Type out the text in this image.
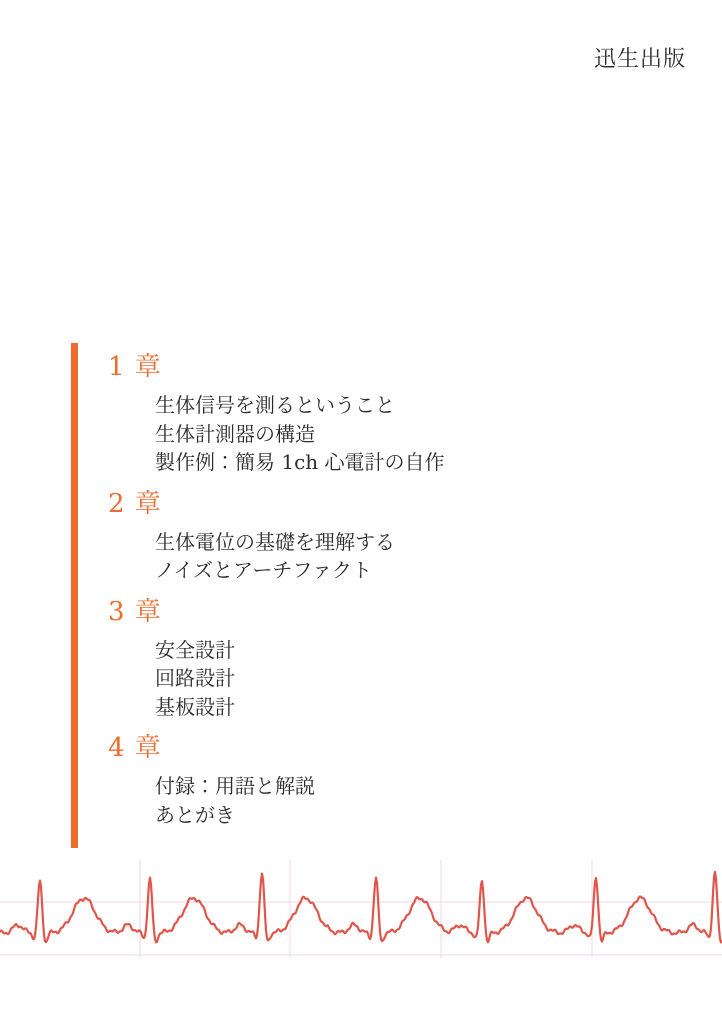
迅生出版
1 章
生体信号を測るということ
生体計測器の構造
製作例：簡易 1ch 心電計の自作
2 章
生体電位の基礎を理解する
ノイズとアーチファクト
3 章
安全設計
回路設計
基板設計
4 章
付録：用語と解説
あとがき
